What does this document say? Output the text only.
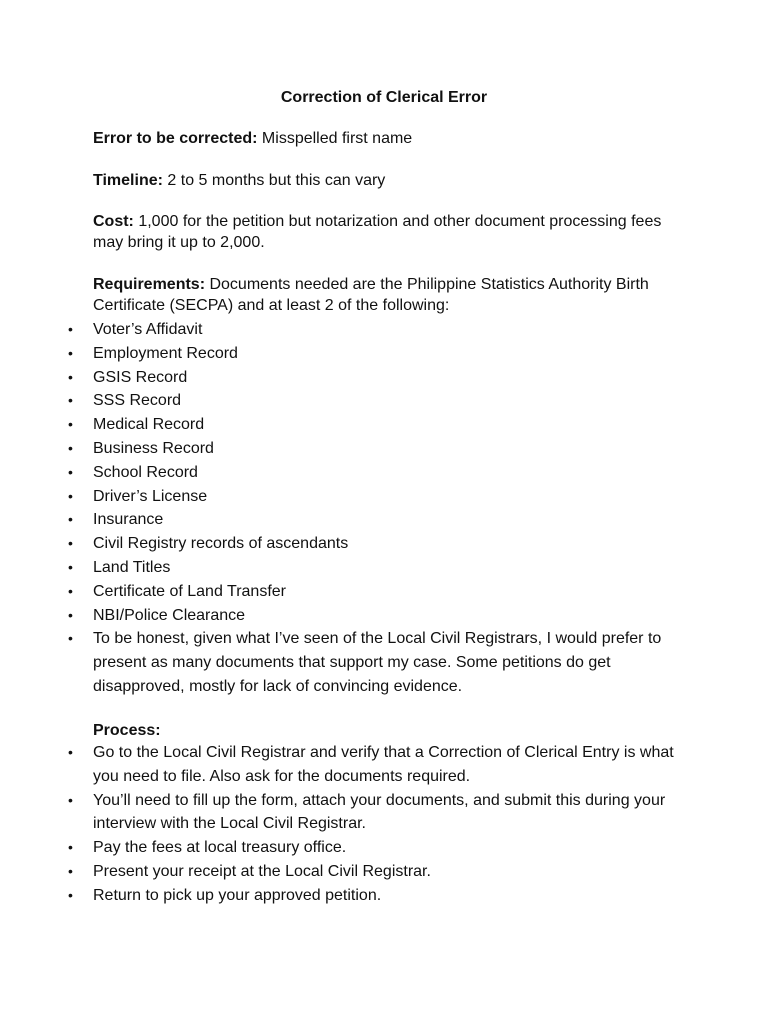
Correction of Clerical Error
Error to be corrected: Misspelled first name
Timeline: 2 to 5 months but this can vary
Cost: 1,000 for the petition but notarization and other document processing fees may bring it up to 2,000.
Requirements: Documents needed are the Philippine Statistics Authority Birth Certificate (SECPA) and at least 2 of the following:
• Voter’s Affidavit
• Employment Record
• GSIS Record
• SSS Record
• Medical Record
• Business Record
• School Record
• Driver’s License
• Insurance
• Civil Registry records of ascendants
• Land Titles
• Certificate of Land Transfer
• NBI/Police Clearance
• To be honest, given what I’ve seen of the Local Civil Registrars, I would prefer to present as many documents that support my case. Some petitions do get disapproved, mostly for lack of convincing evidence.
Process:
• Go to the Local Civil Registrar and verify that a Correction of Clerical Entry is what you need to file. Also ask for the documents required.
• You’ll need to fill up the form, attach your documents, and submit this during your interview with the Local Civil Registrar.
• Pay the fees at local treasury office.
• Present your receipt at the Local Civil Registrar.
• Return to pick up your approved petition.
